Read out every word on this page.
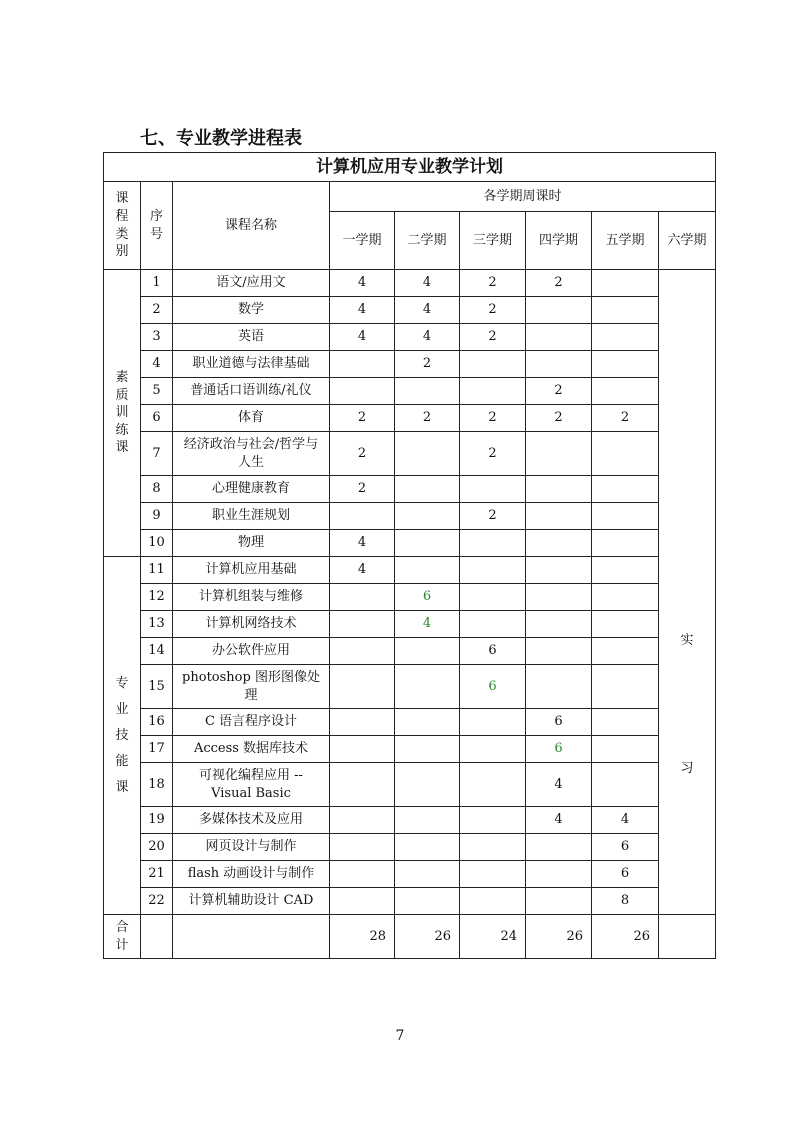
七、专业教学进程表
计算机应用专业教学计划								

课
程
类
别	序
号	课程名称	各学期周课时					
			一学期	二学期	三学期	四学期	五学期	六学期

素
质
训
练
课	1	语文/应用文	4	4	2	2		实
习

	2	数学	4	4	2			
	3	英语	4	4	2			
	4	职业道德与法律基础		2				
	5	普通话口语训练/礼仪				2		
	6	体育	2	2	2	2	2	
	7	经济政治与社会/哲学与人生	2		2			
	8	心理健康教育	2					
	9	职业生涯规划			2			
	10	物理	4					

专
业
技
能
课	11	计算机应用基础	4					
	12	计算机组装与维修		6				
	13	计算机网络技术		4				
	14	办公软件应用			6			
	15	photoshop 图形图像处理			6			
	16	C 语言程序设计				6		
	17	Access 数据库技术				6		
	18	可视化编程应用 --Visual Basic				4		
	19	多媒体技术及应用				4	4	
	20	网页设计与制作					6	
	21	flash 动画设计与制作					6	
	22	计算机辅助设计 CAD					8	

合
计			28	26	24	26	26	
7
